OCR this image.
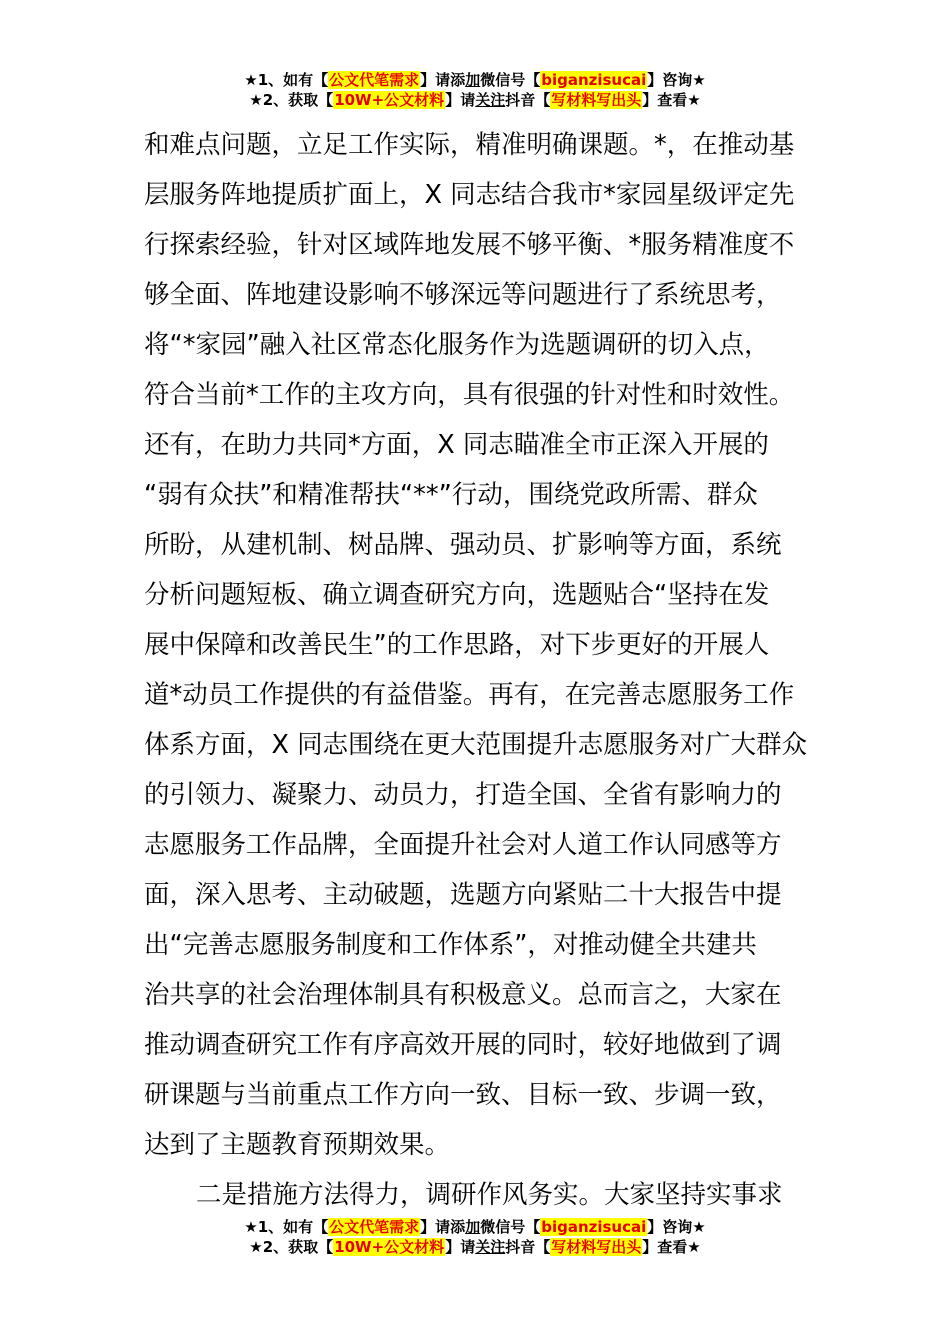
★1、如有【公文代笔需求】请添加微信号【biganzisucai】咨询★
★2、获取【10W+公文材料】请关注抖音【写材料写出头】查看★
和难点问题，立足工作实际，精准明确课题。*，在推动基
层服务阵地提质扩面上，X 同志结合我市*家园星级评定先
行探索经验，针对区域阵地发展不够平衡、*服务精准度不
够全面、阵地建设影响不够深远等问题进行了系统思考，
将“*家园”融入社区常态化服务作为选题调研的切入点，
符合当前*工作的主攻方向，具有很强的针对性和时效性。
还有，在助力共同*方面，X 同志瞄准全市正深入开展的
“弱有众扶”和精准帮扶“**”行动，围绕党政所需、群众
所盼，从建机制、树品牌、强动员、扩影响等方面，系统
分析问题短板、确立调查研究方向，选题贴合“坚持在发
展中保障和改善民生”的工作思路，对下步更好的开展人
道*动员工作提供的有益借鉴。再有，在完善志愿服务工作
体系方面，X 同志围绕在更大范围提升志愿服务对广大群众
的引领力、凝聚力、动员力，打造全国、全省有影响力的
志愿服务工作品牌，全面提升社会对人道工作认同感等方
面，深入思考、主动破题，选题方向紧贴二十大报告中提
出“完善志愿服务制度和工作体系”，对推动健全共建共
治共享的社会治理体制具有积极意义。总而言之，大家在
推动调查研究工作有序高效开展的同时，较好地做到了调
研课题与当前重点工作方向一致、目标一致、步调一致，
达到了主题教育预期效果。
二是措施方法得力，调研作风务实。大家坚持实事求
★1、如有【公文代笔需求】请添加微信号【biganzisucai】咨询★
★2、获取【10W+公文材料】请关注抖音【写材料写出头】查看★
